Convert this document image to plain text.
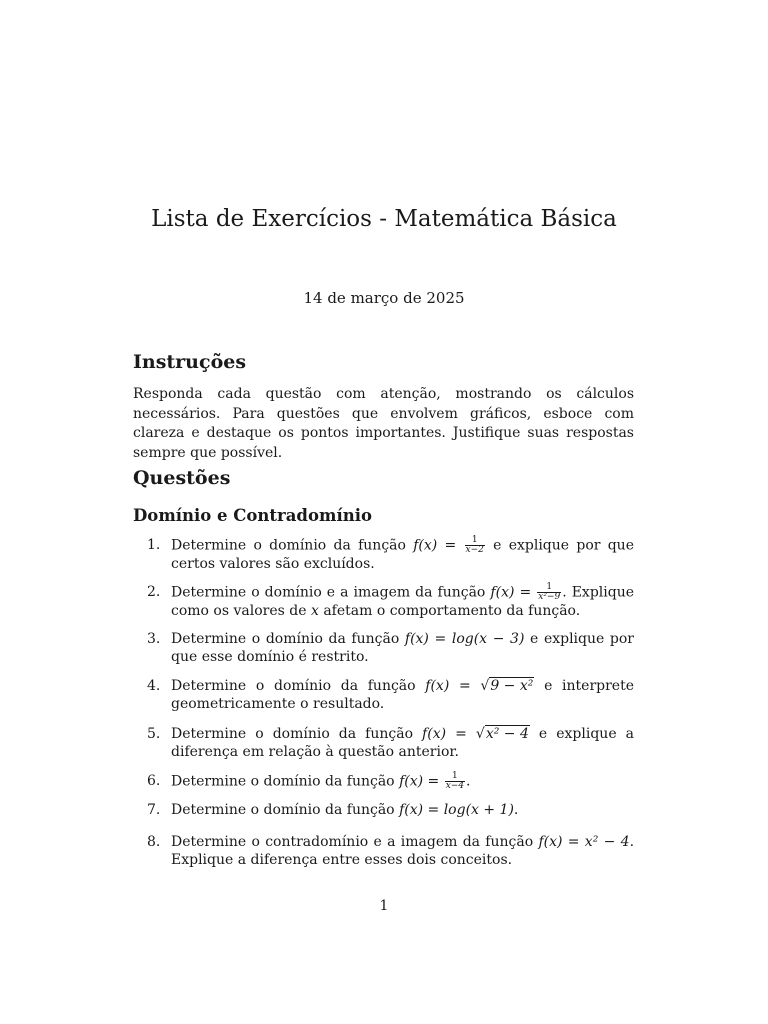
Lista de Exercícios - Matemática Básica
14 de março de 2025
Instruções

Responda cada questão com atenção, mostrando os cálculos necessários. Para questões que envolvem gráficos, esboce com clareza e destaque os pontos importantes. Justifique suas respostas sempre que possível.

Questões
Domínio e Contradomínio
1. Determine o domínio da função $f(x) = \frac{1}{x-2}$ e explique por que certos valores são excluídos.
2. Determine o domínio e a imagem da função $f(x) = \frac{1}{\text{x²−9}}$ . Explique como os valores de x afetam o comportamento da função.
3. Determine o domínio da função f(x) = log(x − 3) e explique por que esse domínio é restrito.
4. Determine o domínio da função f(x) = √9 − x² e interprete geometricamente o resultado.
5. Determine o domínio da função f(x) = √x² − 4 e explique a diferença em relação à questão anterior.
6. Determine o domínio da função $f(x) = \frac{1}{x-4}$ .
7. Determine o domínio da função f(x) = log(x + 1).
8. Determine o contradomínio e a imagem da função f(x) = x² − 4. Explique a diferença entre esses dois conceitos.
1
